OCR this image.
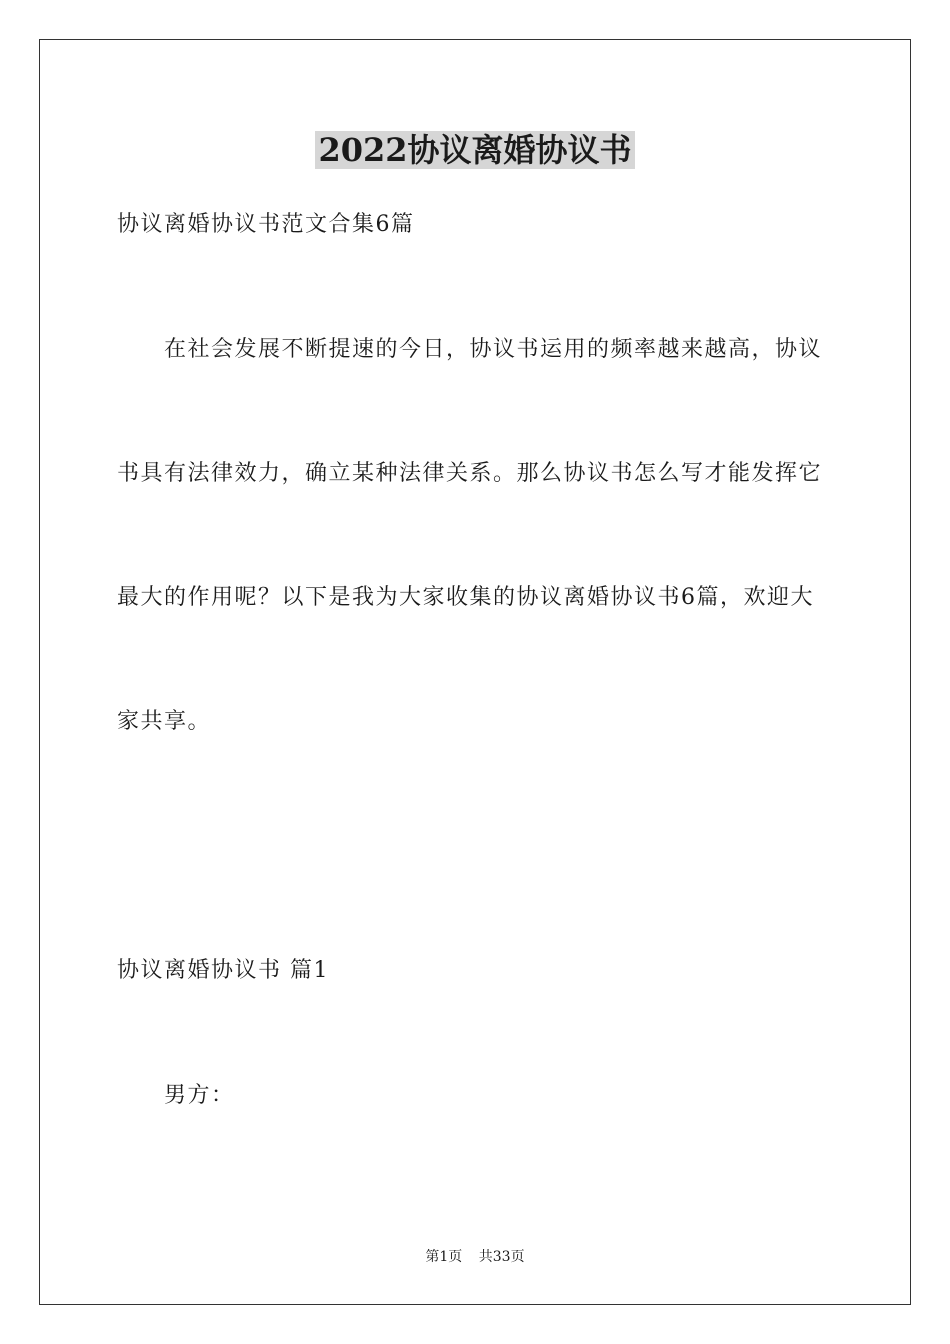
2022协议离婚协议书
协议离婚协议书范文合集6篇
在社会发展不断提速的今日，协议书运用的频率越来越高，协议
书具有法律效力，确立某种法律关系。那么协议书怎么写才能发挥它
最大的作用呢？以下是我为大家收集的协议离婚协议书6篇，欢迎大
家共享。
协议离婚协议书 篇1
男方：
第1页 共33页
